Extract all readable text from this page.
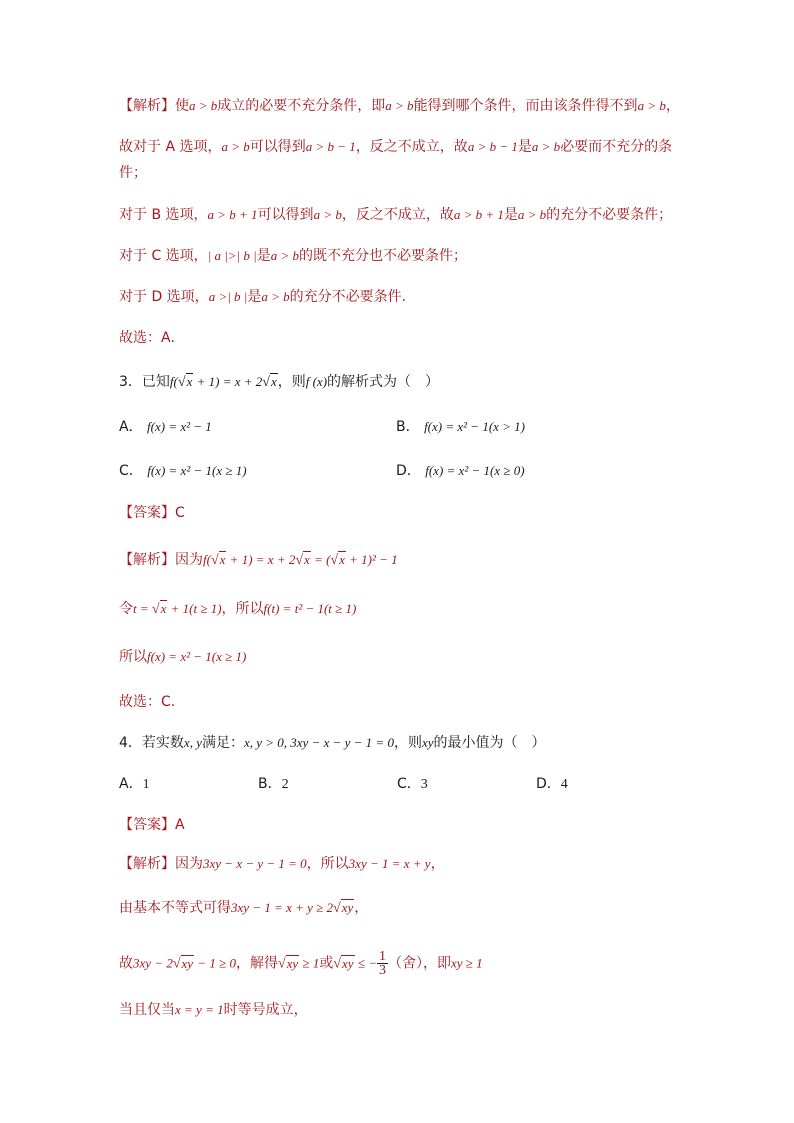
【解析】使a > b成立的必要不充分条件，即a > b能得到哪个条件，而由该条件得不到a > b，
故对于 A 选项，a > b可以得到a > b − 1，反之不成立，故a > b − 1是a > b必要而不充分的条
件；
对于 B 选项，a > b + 1可以得到a > b，反之不成立，故a > b + 1是a > b的充分不必要条件；
对于 C 选项，| a |>| b |是a > b的既不充分也不必要条件；
对于 D 选项，a >| b |是a > b的充分不必要条件.
故选：A．
3．已知f(√x + 1) = x + 2√x，则f (x)的解析式为（　）
A． f(x) = x² − 1	B． f(x) = x² − 1(x > 1)
C． f(x) = x² − 1(x ≥ 1)	D． f(x) = x² − 1(x ≥ 0)
【答案】C
【解析】因为f(√x + 1) = x + 2√x = (√x + 1)² − 1
令t = √x + 1(t ≥ 1)，所以f(t) = t² − 1(t ≥ 1)
所以f(x) = x² − 1(x ≥ 1)
故选：C.
4．若实数x, y满足：x, y > 0, 3xy − x − y − 1 = 0，则xy的最小值为（　）
A．1	B．2	C．3	D．4
【答案】A
【解析】因为3xy − x − y − 1 = 0，所以3xy − 1 = x + y，
由基本不等式可得3xy − 1 = x + y ≥ 2√xy，
故3xy − 2√xy − 1 ≥ 0，解得√xy ≥ 1或√xy ≤ − $\frac{1}{3}$ （舍），即xy ≥ 1
当且仅当x = y = 1时等号成立，
